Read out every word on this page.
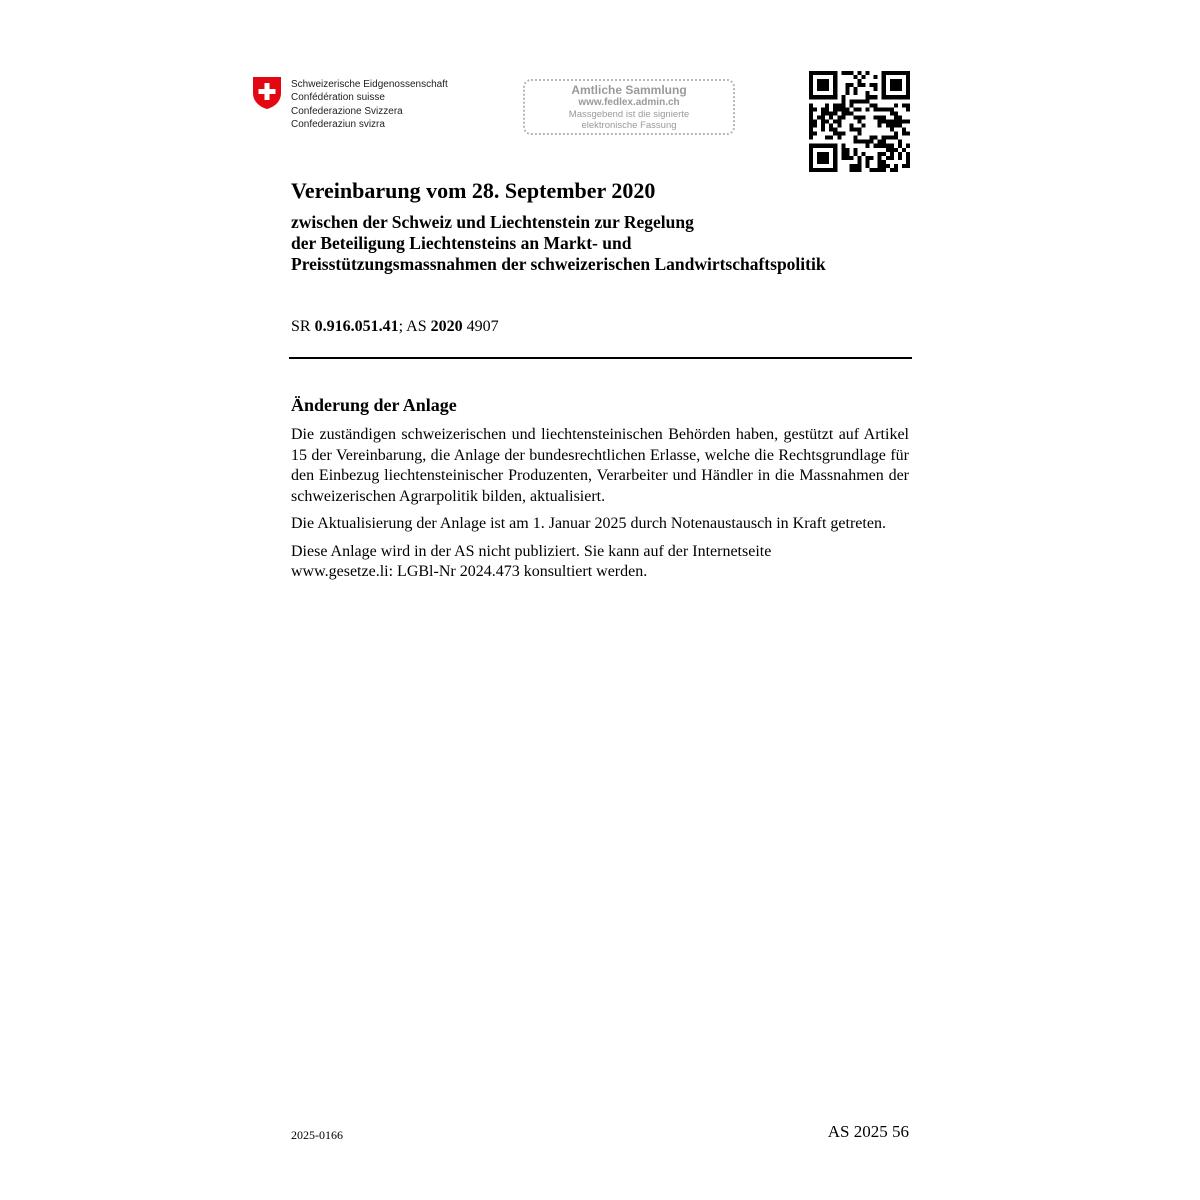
Schweizerische Eidgenossenschaft
Confédération suisse
Confederazione Svizzera
Confederaziun svizra
Amtliche Sammlung
www.fedlex.admin.ch
Massgebend ist die signierte
elektronische Fassung
Vereinbarung vom 28. September 2020
zwischen der Schweiz und Liechtenstein zur Regelung
der Beteiligung Liechtensteins an Markt- und
Preisstützungsmassnahmen der schweizerischen Landwirtschaftspolitik
SR 0.916.051.41; AS 2020 4907
Änderung der Anlage

Die zuständigen schweizerischen und liechtensteinischen Behörden haben, gestützt auf Artikel 15 der Vereinbarung, die Anlage der bundesrechtlichen Erlasse, welche die Rechtsgrundlage für den Einbezug liechtensteinischer Produzenten, Verarbeiter und Händler in die Massnahmen der schweizerischen Agrarpolitik bilden, aktualisiert.

Die Aktualisierung der Anlage ist am 1. Januar 2025 durch Notenaustausch in Kraft getreten.

Diese Anlage wird in der AS nicht publiziert. Sie kann auf der Internetseite
www.gesetze.li: LGBl-Nr 2024.473 konsultiert werden.

2025-0166	AS 2025 56
